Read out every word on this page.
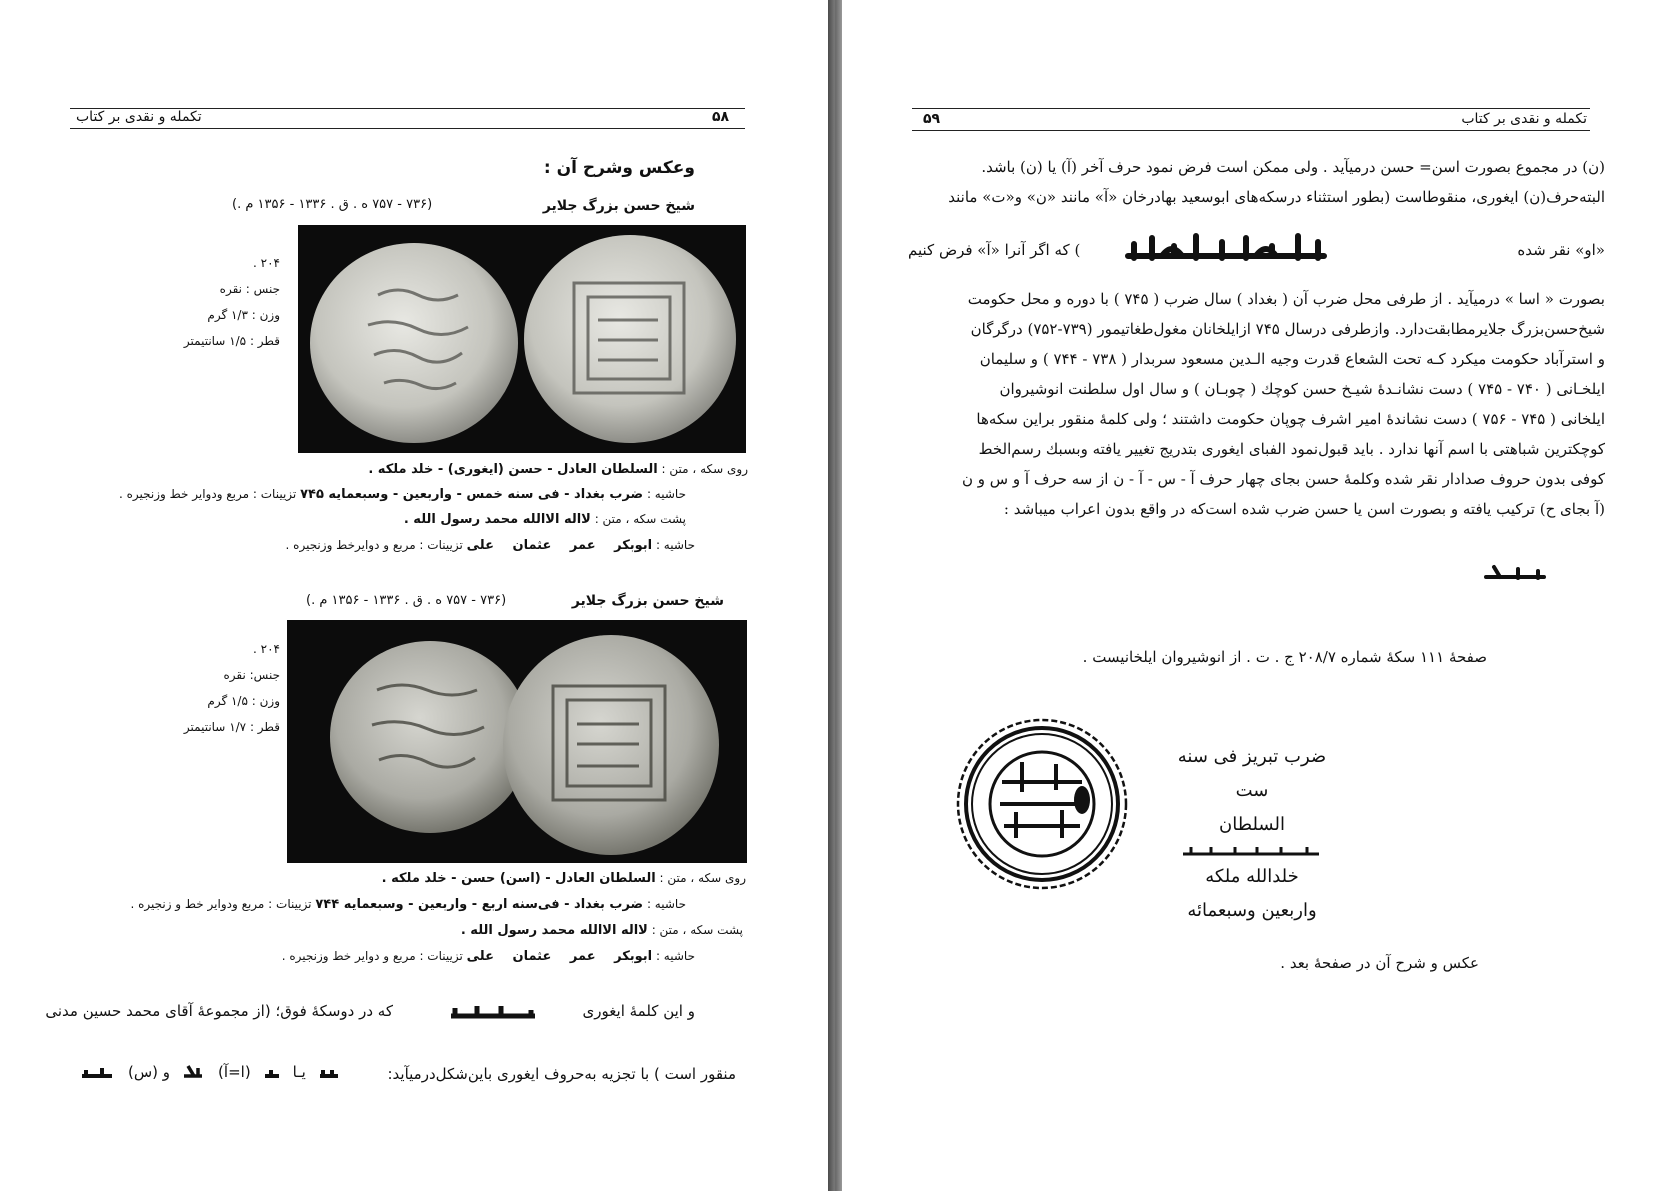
تکمله و نقدی بر کتاب	۵۸
وعکس وشرح آن :
شیخ حسن بزرگ جلایر
(۷۳۶ - ۷۵۷ ه . ق . ۱۳۳۶ - ۱۳۵۶ م .)
۲۰۴ .
جنس : نقره
وزن : ۱/۳ گرم
قطر : ۱/۵ سانتیمتر
روی سکه ، متن : السلطان العادل - حسن (ایغوری) - خلد ملکه .
حاشیه : ضرب بغداد - فی سنه خمس - واربعین - وسبعمایه ۷۴۵ تزیینات : مربع ودوایر خط وزنجیره .
پشت سکه ، متن : لااله الاالله محمد رسول الله .
حاشیه : ابوبکر عمر عثمان علی تزیینات : مربع و دوایرخط وزنجیره .
شیخ حسن بزرگ جلایر
(۷۳۶ - ۷۵۷ ه . ق . ۱۳۳۶ - ۱۳۵۶ م .)
۲۰۴ .
جنس: نقره
وزن : ۱/۵ گرم
قطر : ۱/۷ سانتیمتر
روی سکه ، متن : السلطان العادل - (اسن) حسن - خلد ملکه .
حاشیه : ضرب بغداد - فی‌سنه اربع - واربعین - وسبعمایه ۷۴۴ تزیینات : مربع ودوایر خط و زنجیره .
پشت سکه ، متن : لااله الاالله محمد رسول الله .
حاشیه : ابوبکر عمر عثمان علی تزیینات : مربع و دوایر خط وزنجیره .
و این کلمهٔ ایغوری
که در دوسکهٔ فوق؛ (از مجموعهٔ آقای محمد حسین مدنی
منقور است ) با تجزیه به‌حروف ایغوری باین‌شکل‌درمیآید:
(س) و	(ا=آ)	یـا
تکمله و نقدی بر کتاب
۵۹
(ن) در مجموع بصورت اسن= حسن درمیآید . ولی ممکن است فرض نمود حرف آخر (آ) یا (ن) باشد.
البته‌حرف(ن) ایغوری، منقوطاست (بطور استثناء درسکه‌های ابوسعید بهادرخان «آ» مانند «ن» و«ت» مانند
«او» نقر شده
) که اگر آنرا «آ» فرض کنیم
بصورت « اسا » درمیآید . از طرفی محل ضرب آن ( بغداد ) سال ضرب ( ۷۴۵ ) با دوره و محل حکومت
شیخ‌حسن‌بزرگ جلایرمطابقت‌دارد. وازطرفی درسال ۷۴۵ ازایلخانان مغول‌طغاتیمور (۷۳۹-۷۵۲) درگرگان
و استرآباد حکومت میکرد کـه تحت الشعاع قدرت وجیه الـدین مسعود سربدار ( ۷۳۸ - ۷۴۴ ) و سلیمان
ایلخـانی ( ۷۴۰ - ۷۴۵ ) دست نشانـدهٔ شیـخ حسن کوچك ( چوبـان ) و سال اول سلطنت انوشیروان
ایلخانی ( ۷۴۵ - ۷۵۶ ) دست نشاندهٔ امیر اشرف چوپان حکومت داشتند ؛ ولی کلمهٔ منقور براین سکه‌ها
کوچکترین شباهتی با اسم آنها ندارد . باید قبول‌نمود الفبای ایغوری بتدریج تغییر یافته وبسبك رسم‌الخط
کوفی بدون حروف صدادار نقر شده وکلمهٔ حسن بجای چهار حرف آ - س - آ - ن از سه حرف آ و س و ن
(آ بجای ح) ترکیب یافته و بصورت اسن یا حسن ضرب شده است‌که در واقع بدون اعراب میباشد :
صفحهٔ ۱۱۱ سکهٔ شماره ۲۰۸/۷ ج . ت . از انوشیروان ایلخانیست .
ضرب تبریز فی سنه ست
السلطان
خلدالله ملکه
واربعین وسبعمائه
عکس و شرح آن در صفحهٔ بعد .
